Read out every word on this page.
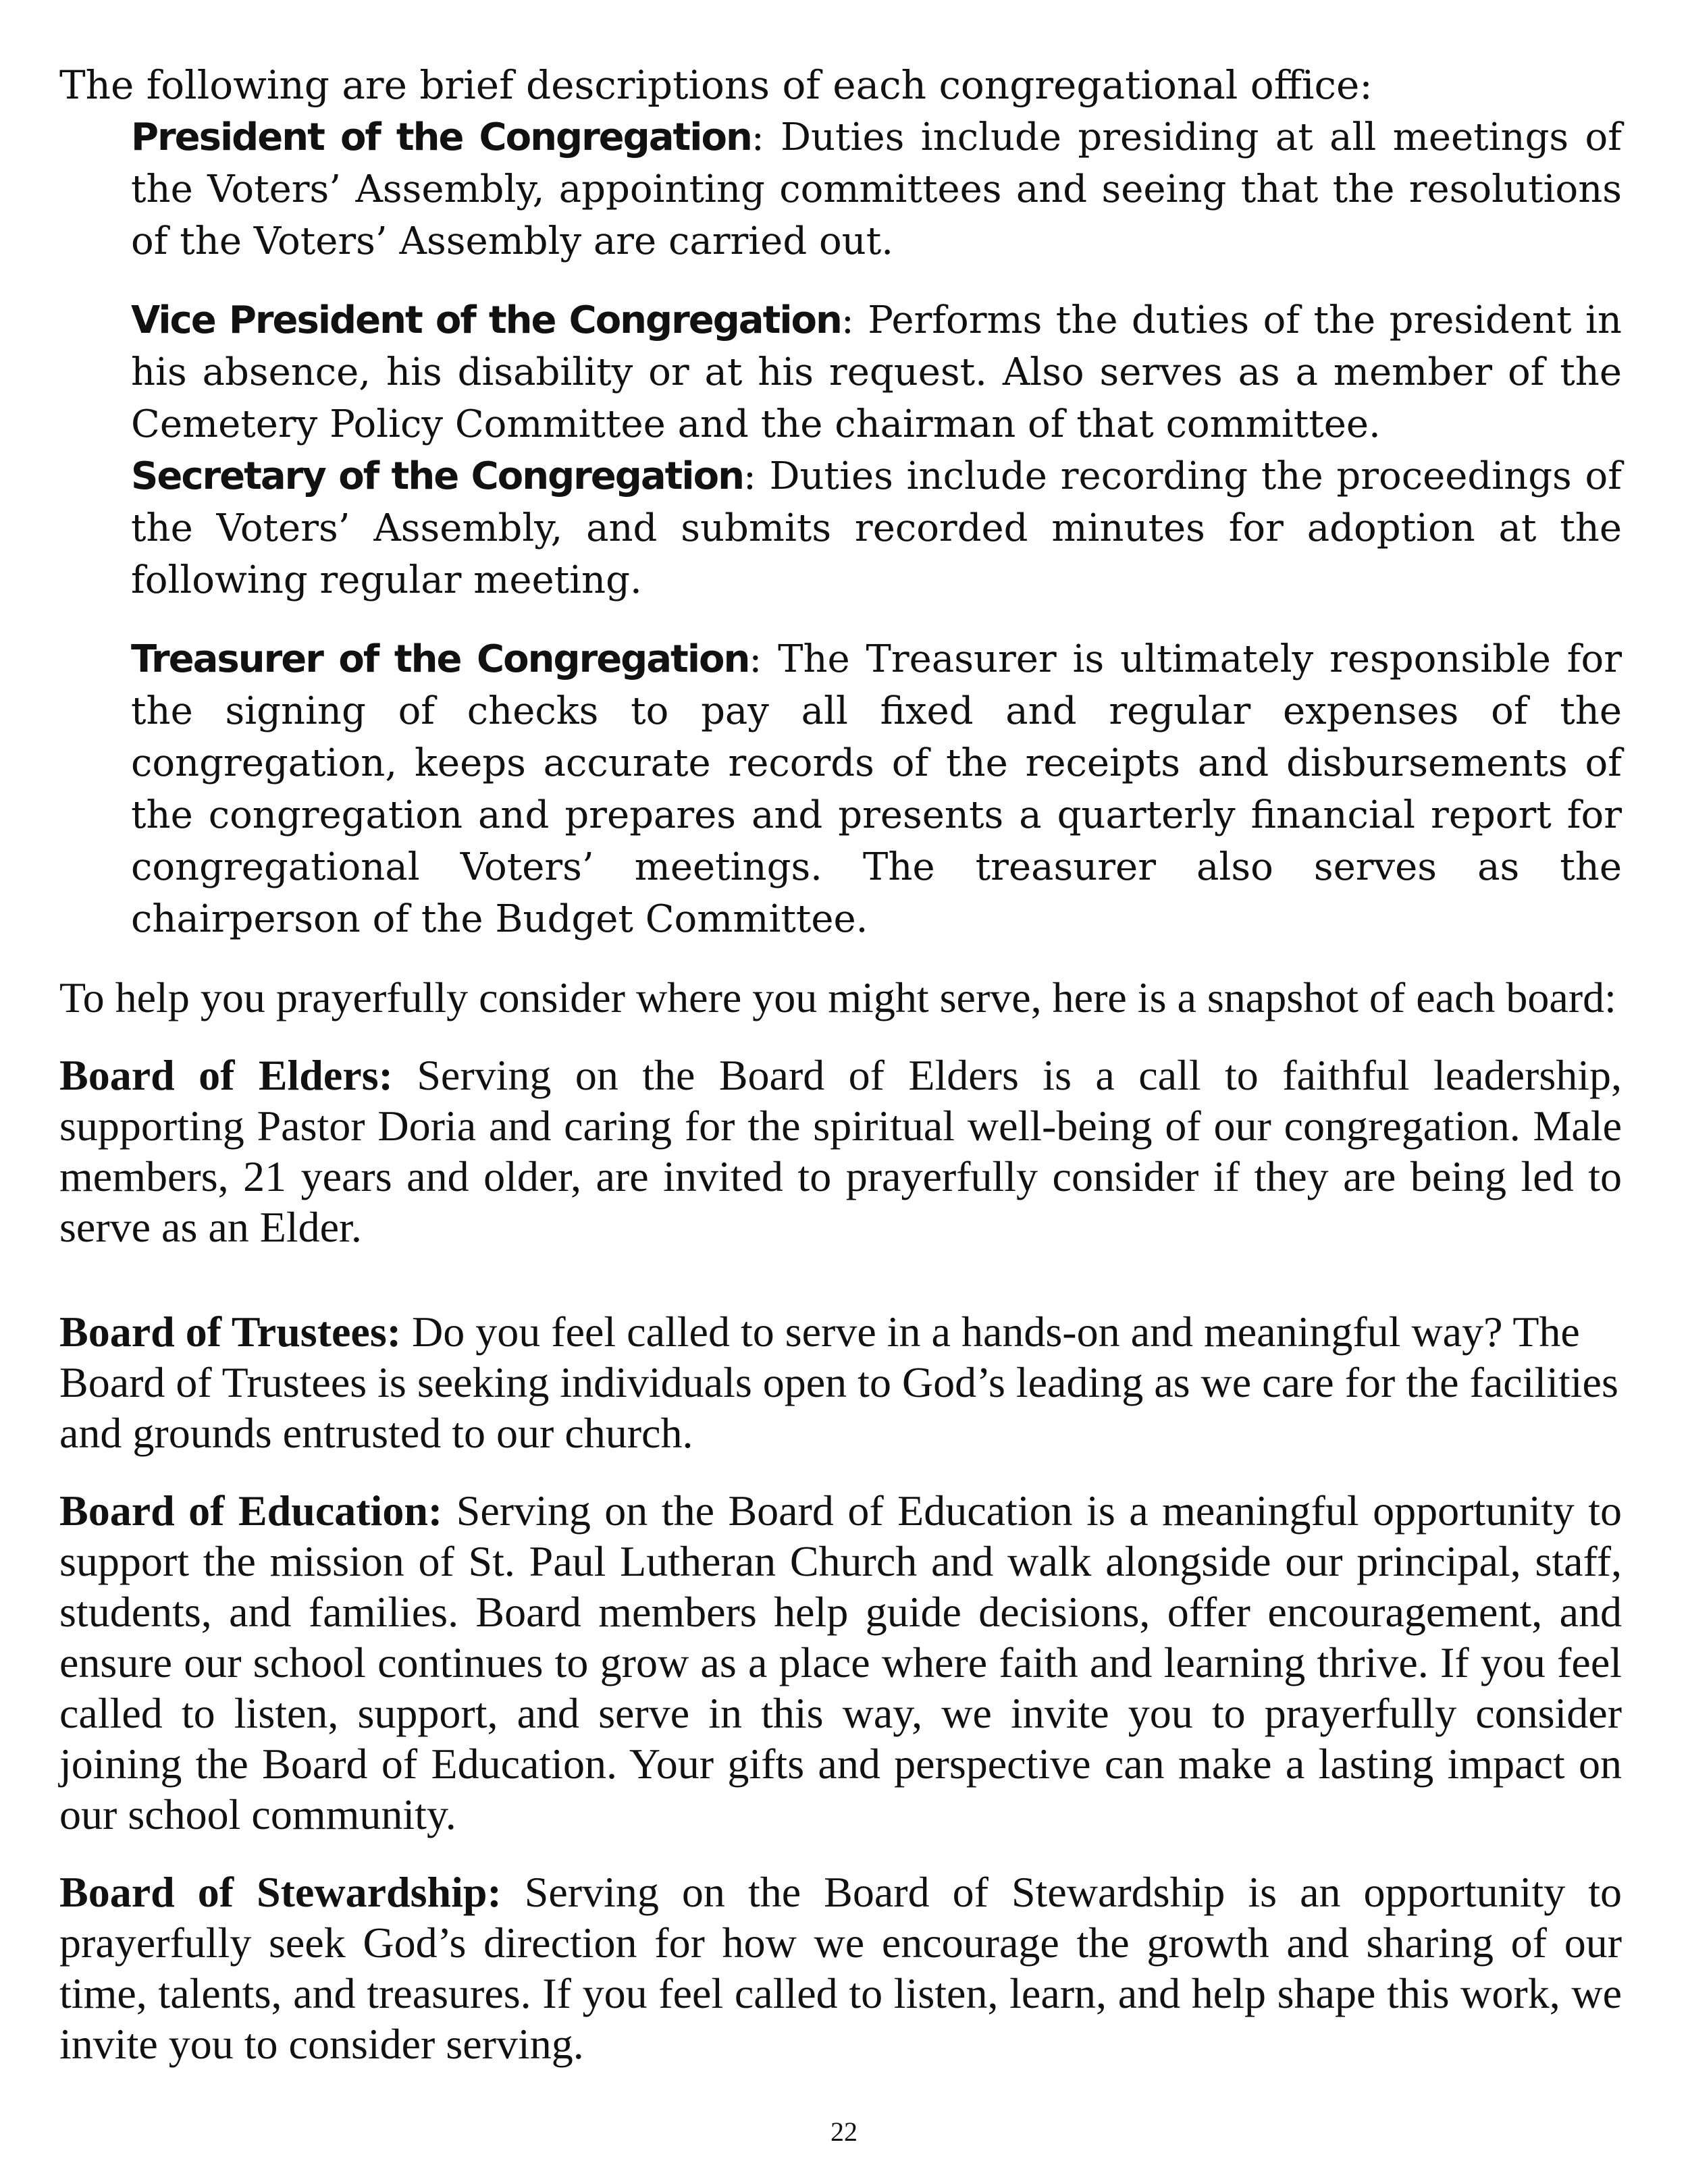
The following are brief descriptions of each congregational office:

President of the Congregation: Duties include presiding at all meetings of the Voters’ Assembly, appointing committees and seeing that the resolutions of the Voters’ Assembly are carried out.

Vice President of the Congregation: Performs the duties of the president in his absence, his disability or at his request. Also serves as a member of the Cemetery Policy Committee and the chairman of that committee.

Secretary of the Congregation: Duties include recording the proceedings of the Voters’ Assembly, and submits recorded minutes for adoption at the following regular meeting.

Treasurer of the Congregation: The Treasurer is ultimately responsible for the signing of checks to pay all fixed and regular expenses of the congregation, keeps accurate records of the receipts and disbursements of the congregation and prepares and presents a quarterly financial report for congregational Voters’ meetings. The treasurer also serves as the chairperson of the Budget Committee.

To help you prayerfully consider where you might serve, here is a snapshot of each board:

Board of Elders: Serving on the Board of Elders is a call to faithful leadership, supporting Pastor Doria and caring for the spiritual well-being of our congregation. Male members, 21 years and older, are invited to prayerfully consider if they are being led to serve as an Elder.

Board of Trustees: Do you feel called to serve in a hands-on and meaningful way? The Board of Trustees is seeking individuals open to God’s leading as we care for the facilities and grounds entrusted to our church.

Board of Education: Serving on the Board of Education is a meaningful opportunity to support the mission of St. Paul Lutheran Church and walk alongside our principal, staff, students, and families. Board members help guide decisions, offer encouragement, and ensure our school continues to grow as a place where faith and learning thrive. If you feel called to listen, support, and serve in this way, we invite you to prayerfully consider joining the Board of Education. Your gifts and perspective can make a lasting impact on our school community.

Board of Stewardship: Serving on the Board of Stewardship is an opportunity to prayerfully seek God’s direction for how we encourage the growth and sharing of our time, talents, and treasures. If you feel called to listen, learn, and help shape this work, we invite you to consider serving.

22
